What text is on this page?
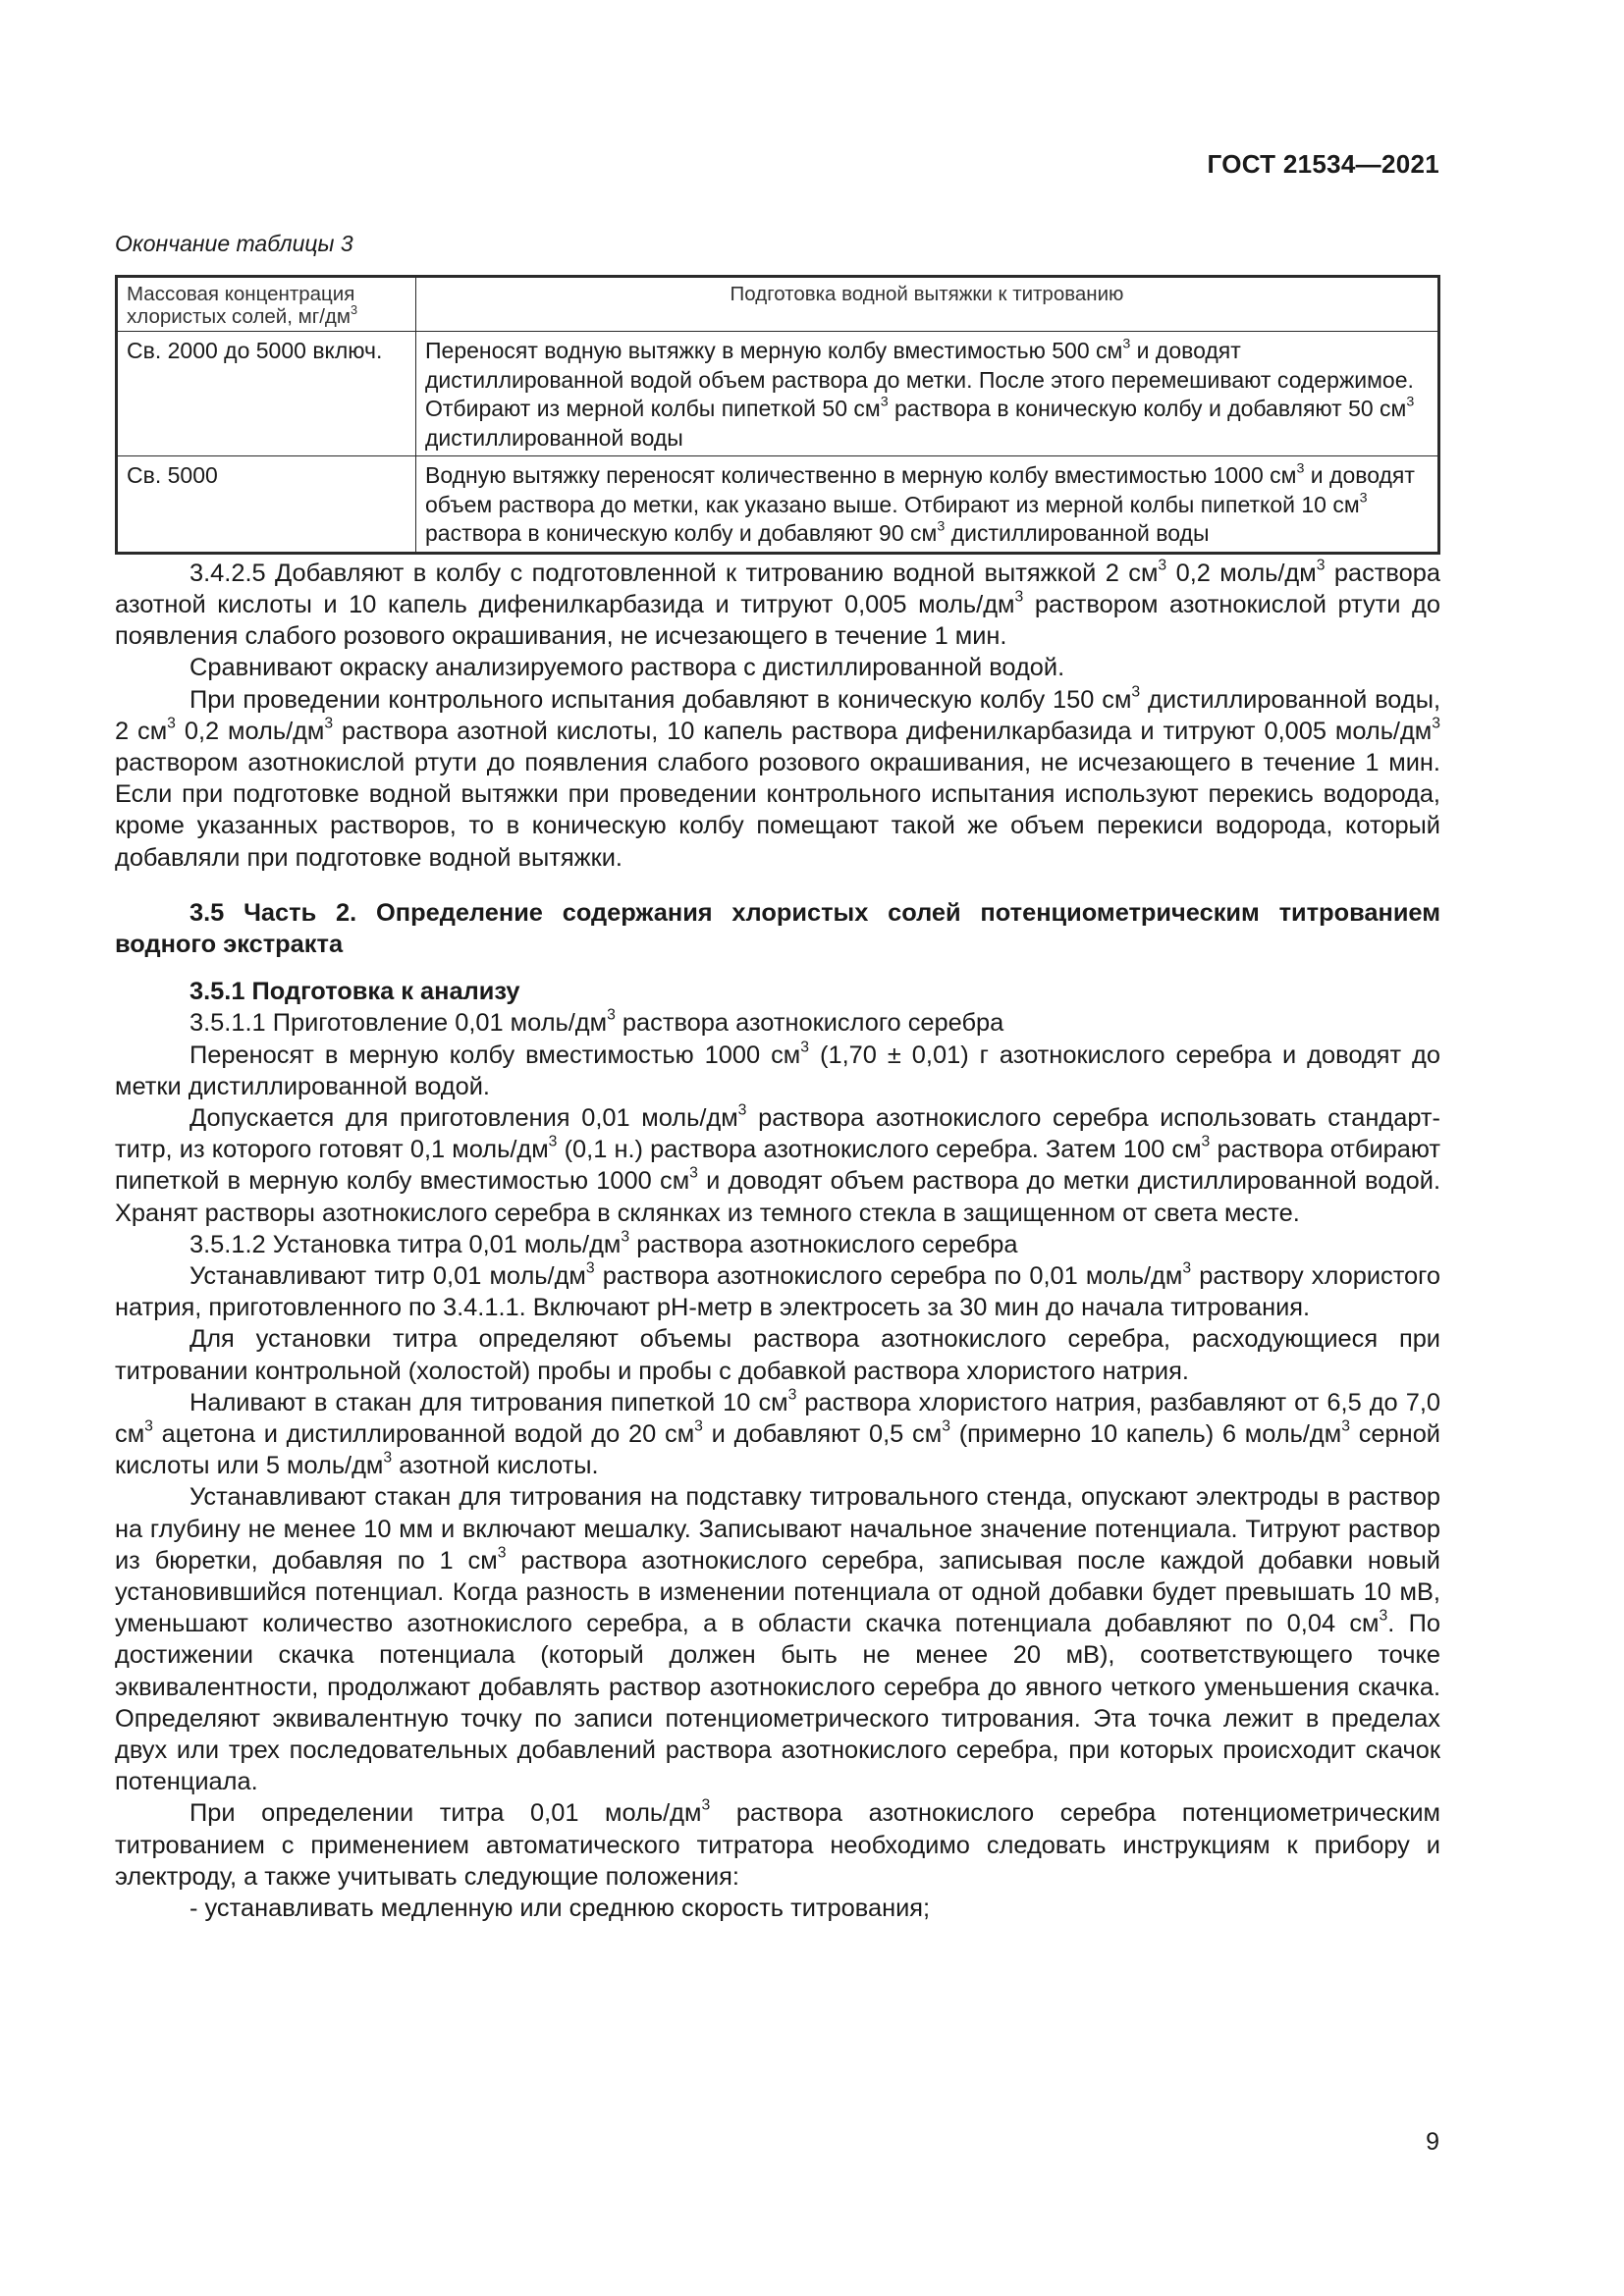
ГОСТ 21534—2021
Окончание таблицы 3
Массовая концентрация хлористых солей, $мг/дм^3$	Подготовка водной вытяжки к титрованию
Св. 2000 до 5000 включ.	Переносят водную вытяжку в мерную колбу вместимостью 500 $см^3$ и доводят дистиллированной водой объем раствора до метки. После этого перемешивают содержимое. Отбирают из мерной колбы пипеткой 50 $см^3$ раствора в коническую колбу и добавляют 50 $см^3$ дистиллированной воды
Св. 5000	Водную вытяжку переносят количественно в мерную колбу вместимостью 1000 $см^3$ и доводят объем раствора до метки, как указано выше. Отбирают из мерной колбы пипеткой 10 $см^3$ раствора в коническую колбу и добавляют 90 $см^3$ дистиллированной воды

3.4.2.5 Добавляют в колбу с подготовленной к титрованию водной вытяжкой 2 $см^3$ 0,2 моль/$дм^3$ раствора азотной кислоты и 10 капель дифенилкарбазида и титруют 0,005 моль/$дм^3$ раствором азотнокислой ртути до появления слабого розового окрашивания, не исчезающего в течение 1 мин.

Сравнивают окраску анализируемого раствора с дистиллированной водой.

При проведении контрольного испытания добавляют в коническую колбу 150 $см^3$ дистиллированной воды, 2 $см^3$ 0,2 моль/$дм^3$ раствора азотной кислоты, 10 капель раствора дифенилкарбазида и титруют 0,005 моль/$дм^3$ раствором азотнокислой ртути до появления слабого розового окрашивания, не исчезающего в течение 1 мин. Если при подготовке водной вытяжки при проведении контрольного испытания используют перекись водорода, кроме указанных растворов, то в коническую колбу помещают такой же объем перекиси водорода, который добавляли при подготовке водной вытяжки.

3.5 Часть 2. Определение содержания хлористых солей потенциометрическим титрованием водного экстракта

3.5.1 Подготовка к анализу

3.5.1.1 Приготовление 0,01 моль/$дм^3$ раствора азотнокислого серебра

Переносят в мерную колбу вместимостью 1000 $см^3$ (1,70 ± 0,01) г азотнокислого серебра и доводят до метки дистиллированной водой.

Допускается для приготовления 0,01 моль/$дм^3$ раствора азотнокислого серебра использовать стандарт-титр, из которого готовят 0,1 моль/$дм^3$ (0,1 н.) раствора азотнокислого серебра. Затем 100 $см^3$ раствора отбирают пипеткой в мерную колбу вместимостью 1000 $см^3$ и доводят объем раствора до метки дистиллированной водой. Хранят растворы азотнокислого серебра в склянках из темного стекла в защищенном от света месте.

3.5.1.2 Установка титра 0,01 моль/$дм^3$ раствора азотнокислого серебра

Устанавливают титр 0,01 моль/$дм^3$ раствора азотнокислого серебра по 0,01 моль/$дм^3$ раствору хлористого натрия, приготовленного по 3.4.1.1. Включают pH-метр в электросеть за 30 мин до начала титрования.

Для установки титра определяют объемы раствора азотнокислого серебра, расходующиеся при титровании контрольной (холостой) пробы и пробы с добавкой раствора хлористого натрия.

Наливают в стакан для титрования пипеткой 10 $см^3$ раствора хлористого натрия, разбавляют от 6,5 до 7,0 $см^3$ ацетона и дистиллированной водой до 20 $см^3$ и добавляют 0,5 $см^3$ (примерно 10 капель) 6 моль/$дм^3$ серной кислоты или 5 моль/$дм^3$ азотной кислоты.

Устанавливают стакан для титрования на подставку титровального стенда, опускают электроды в раствор на глубину не менее 10 мм и включают мешалку. Записывают начальное значение потенциала. Титруют раствор из бюретки, добавляя по 1 $см^3$ раствора азотнокислого серебра, записывая после каждой добавки новый установившийся потенциал. Когда разность в изменении потенциала от одной добавки будет превышать 10 мВ, уменьшают количество азотнокислого серебра, а в области скачка потенциала добавляют по 0,04 $см^3$. По достижении скачка потенциала (который должен быть не менее 20 мВ), соответствующего точке эквивалентности, продолжают добавлять раствор азотнокислого серебра до явного четкого уменьшения скачка. Определяют эквивалентную точку по записи потенциометрического титрования. Эта точка лежит в пределах двух или трех последовательных добавлений раствора азотнокислого серебра, при которых происходит скачок потенциала.

При определении титра 0,01 моль/$дм^3$ раствора азотнокислого серебра потенциометрическим титрованием с применением автоматического титратора необходимо следовать инструкциям к прибору и электроду, а также учитывать следующие положения:

- устанавливать медленную или среднюю скорость титрования;

9
